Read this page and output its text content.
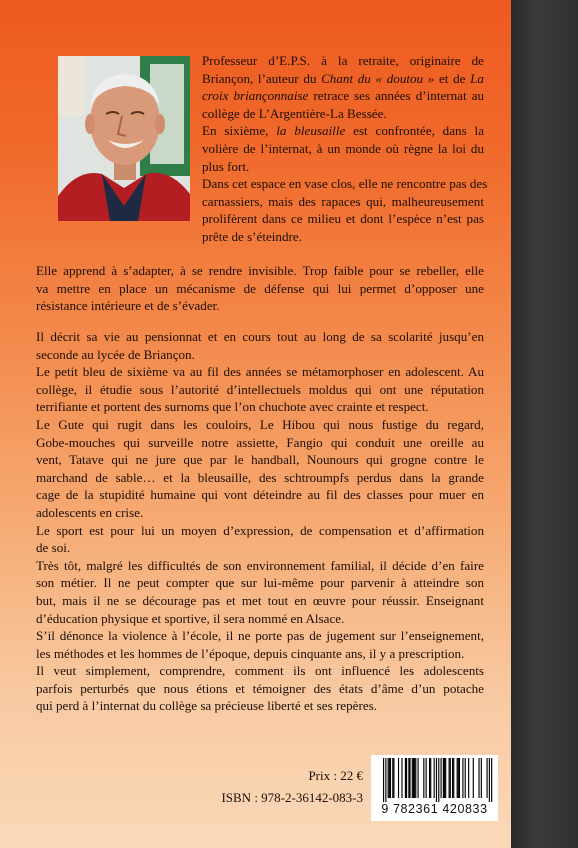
Professeur d’E.P.S. à la retraite, originaire de
Briançon, l’auteur du Chant du « doutou » et de La
croix briançonnaise retrace ses années d’internat au
collège de L’Argentière-La Bessée.
En sixième, la bleusaille est confrontée, dans la
volière de l’internat, à un monde où règne la loi du
plus fort.
Dans cet espace en vase clos, elle ne rencontre pas des
carnassiers, mais des rapaces qui, malheureusement
prolifèrent dans ce milieu et dont l’espèce n’est pas
prête de s’éteindre.

Elle apprend à s’adapter, à se rendre invisible. Trop faible pour se rebeller, elle
va mettre en place un mécanisme de défense qui lui permet d’opposer une
résistance intérieure et de s’évader.

Il décrit sa vie au pensionnat et en cours tout au long de sa scolarité jusqu’en
seconde au lycée de Briançon.
Le petit bleu de sixième va au fil des années se métamorphoser en adolescent. Au
collège, il étudie sous l’autorité d’intellectuels moldus qui ont une réputation
terrifiante et portent des surnoms que l’on chuchote avec crainte et respect.
Le Gute qui rugit dans les couloirs, Le Hibou qui nous fustige du regard,
Gobe-mouches qui surveille notre assiette, Fangio qui conduit une oreille au
vent, Tatave qui ne jure que par le handball, Nounours qui grogne contre le
marchand de sable… et la bleusaille, des schtroumpfs perdus dans la grande
cage de la stupidité humaine qui vont déteindre au fil des classes pour muer en
adolescents en crise.
Le sport est pour lui un moyen d’expression, de compensation et d’affirmation
de soi.
Très tôt, malgré les difficultés de son environnement familial, il décide d’en faire
son métier. Il ne peut compter que sur lui-même pour parvenir à atteindre son
but, mais il ne se décourage pas et met tout en œuvre pour réussir. Enseignant
d’éducation physique et sportive, il sera nommé en Alsace.
S’il dénonce la violence à l’école, il ne porte pas de jugement sur l’enseignement,
les méthodes et les hommes de l’époque, depuis cinquante ans, il y a prescription.
Il veut simplement, comprendre, comment ils ont influencé les adolescents
parfois perturbés que nous étions et témoigner des états d’âme d’un potache
qui perd à l’internat du collège sa précieuse liberté et ses repères.

Prix : 22 €
ISBN : 978-2-36142-083-3
9 782361 420833
